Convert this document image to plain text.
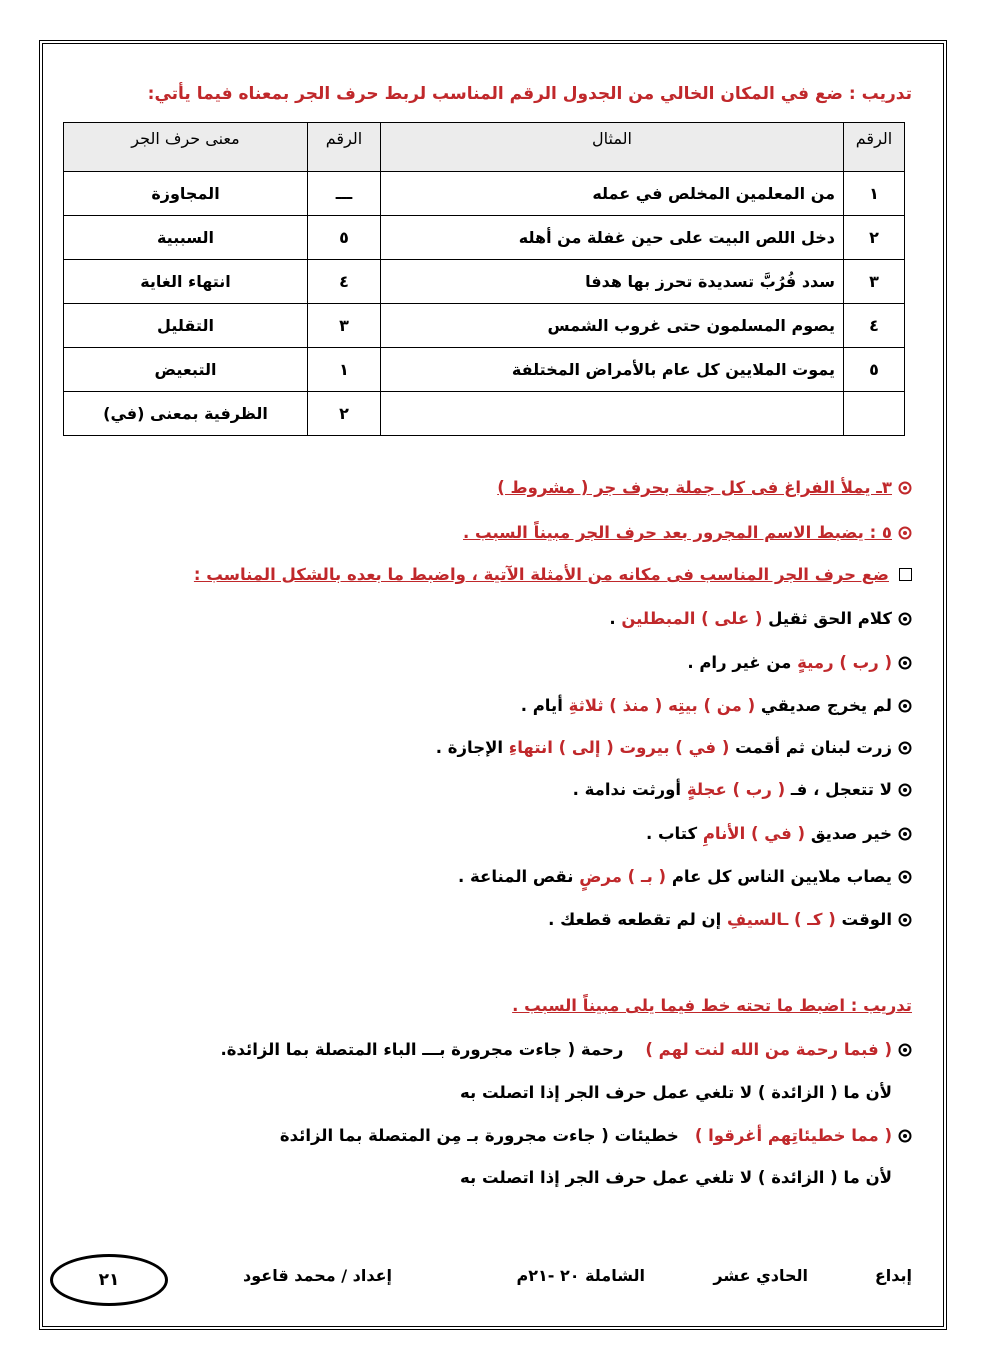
تدريب : ضع في المكان الخالي من الجدول الرقم المناسب لربط حرف الجر بمعناه فيما يأتي:
الرقم	المثال	الرقم	معنى حرف الجر
١	من المعلمين المخلص في عمله	ـــ	المجاوزة
٢	دخل اللص البيت على حين غفلة من أهله	٥	السببية
٣	سدد فُرُبَّ تسديدة تحرز بها هدفا	٤	انتهاء الغاية
٤	يصوم المسلمون حتى غروب الشمس	٣	التقليل
٥	يموت الملايين كل عام بالأمراض المختلفة	١	التبعيض
		٢	الظرفية بمعنى (في)
٣ـ يملأ الفراغ فى كل جملة بحرف جر ( مشروط )
٥ : يضبط الاسم المجرور بعد حرف الجر مبيناً السبب .
ضع حرف الجر المناسب فى مكانه من الأمثلة الآتية ، واضبط ما بعده بالشكل المناسب :
كلام الحق ثقيل ( على ) المبطلين .
( رب ) رميةٍ من غير رام .
لم يخرج صديقي ( من ) بيتِه ( منذ ) ثلاثةِ أيام .
زرت لبنان ثم أقمت ( في ) بيروت ( إلى ) انتهاءِ الإجازة .
لا تتعجل ، فـ ( رب ) عجلةٍ أورثت ندامة .
خير صديق ( في ) الأنامِ كتاب .
يصاب ملايين الناس كل عام ( بـ ) مرضٍ نقص المناعة .
الوقت ( كـ ) ـالسيفِ إن لم تقطعه قطعك .
تدريب : اضبط ما تحته خط فيما يلى مبيناً السبب .
( فبما رحمة من الله لنت لهم )
رحمة ( جاءت مجرورة بـــ الباء المتصلة بما الزائدة.
لأن ما ( الزائدة ) لا تلغي عمل حرف الجر إذا اتصلت به
( مما خطيئاتِهم أغرقوا )
خطيئات ( جاءت مجرورة بـ مِن المتصلة بما الزائدة
لأن ما ( الزائدة ) لا تلغي عمل حرف الجر إذا اتصلت به
إبداع
الحادي عشر
الشاملة ٢٠ -٢١م
إعداد / محمد قاعود
٢١
